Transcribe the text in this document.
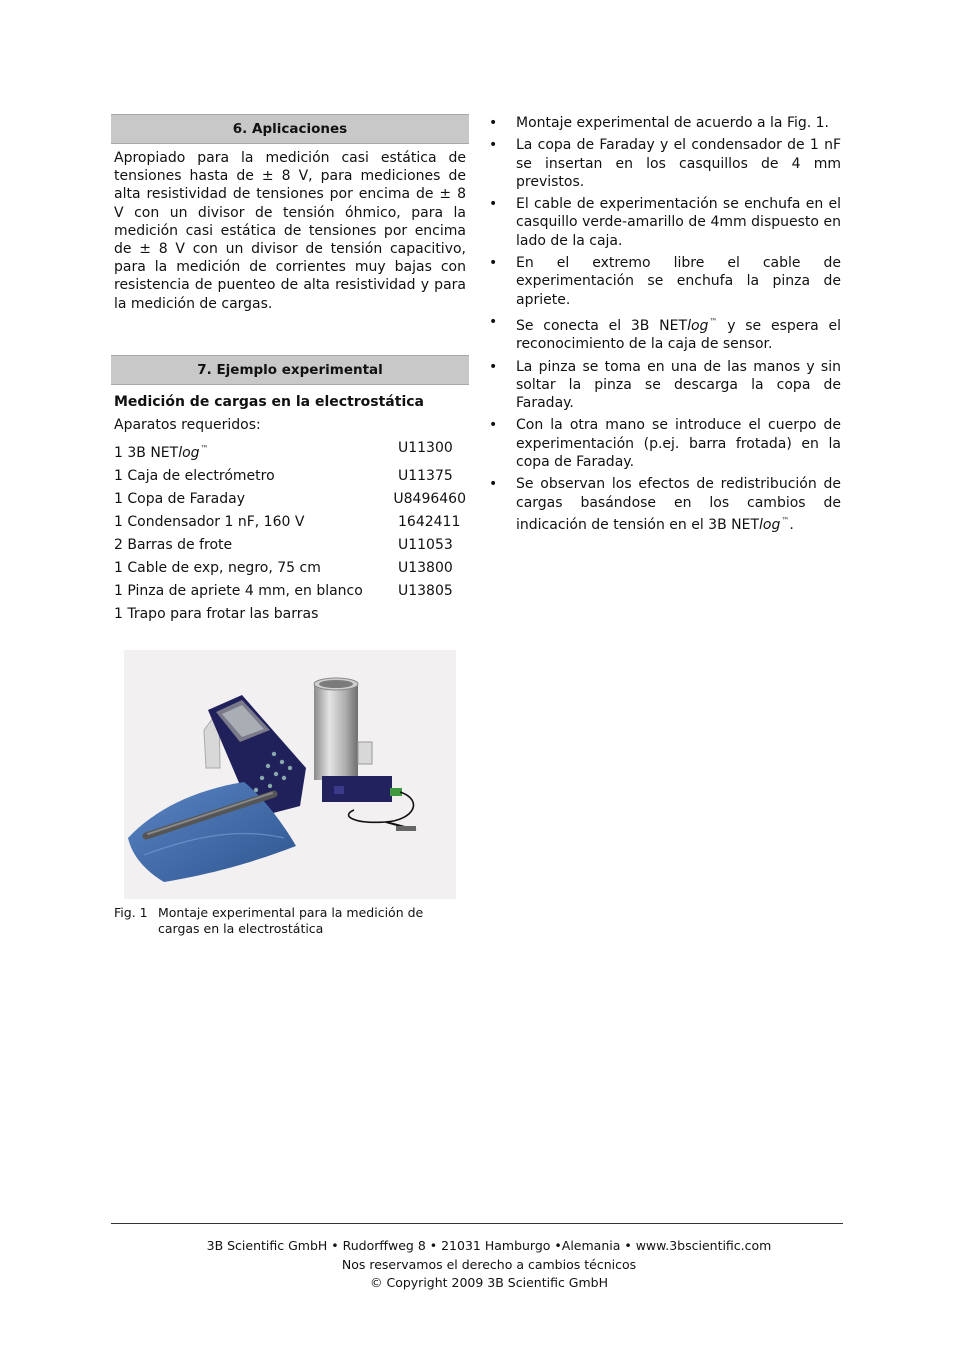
6. Aplicaciones

Apropiado para la medición casi estática de tensiones hasta de ± 8 V, para mediciones de alta resistividad de tensiones por encima de ± 8 V con un divisor de tensión óhmico, para la medición casi estática de tensiones por encima de ± 8 V con un divisor de tensión capacitivo, para la medición de corrientes muy bajas con resistencia de puenteo de alta resistividad y para la medición de cargas.

7. Ejemplo experimental
Medición de cargas en la electrostática
Aparatos requeridos:
1 3B NETlog™	U11300
1 Caja de electrómetro	U11375
1 Copa de Faraday	U8496460
1 Condensador 1 nF, 160 V	1642411
2 Barras de frote	U11053
1 Cable de exp, negro, 75 cm	U13800
1 Pinza de apriete 4 mm, en blanco	U13805
1 Trapo para frotar las barras
Fig. 1 Montaje experimental para la medición de cargas en la electrostática
• Montaje experimental de acuerdo a la Fig. 1.
• La copa de Faraday y el condensador de 1 nF se insertan en los casquillos de 4 mm previstos.
• El cable de experimentación se enchufa en el casquillo verde-amarillo de 4mm dispuesto en lado de la caja.
• En el extremo libre el cable de experimentación se enchufa la pinza de apriete.
• Se conecta el 3B NETlog™ y se espera el reconocimiento de la caja de sensor.
• La pinza se toma en una de las manos y sin soltar la pinza se descarga la copa de Faraday.
• Con la otra mano se introduce el cuerpo de experimentación (p.ej. barra frotada) en la copa de Faraday.
• Se observan los efectos de redistribución de cargas basándose en los cambios de indicación de tensión en el 3B NETlog™.
3B Scientific GmbH • Rudorffweg 8 • 21031 Hamburgo •Alemania • www.3bscientific.com
Nos reservamos el derecho a cambios técnicos
© Copyright 2009 3B Scientific GmbH
